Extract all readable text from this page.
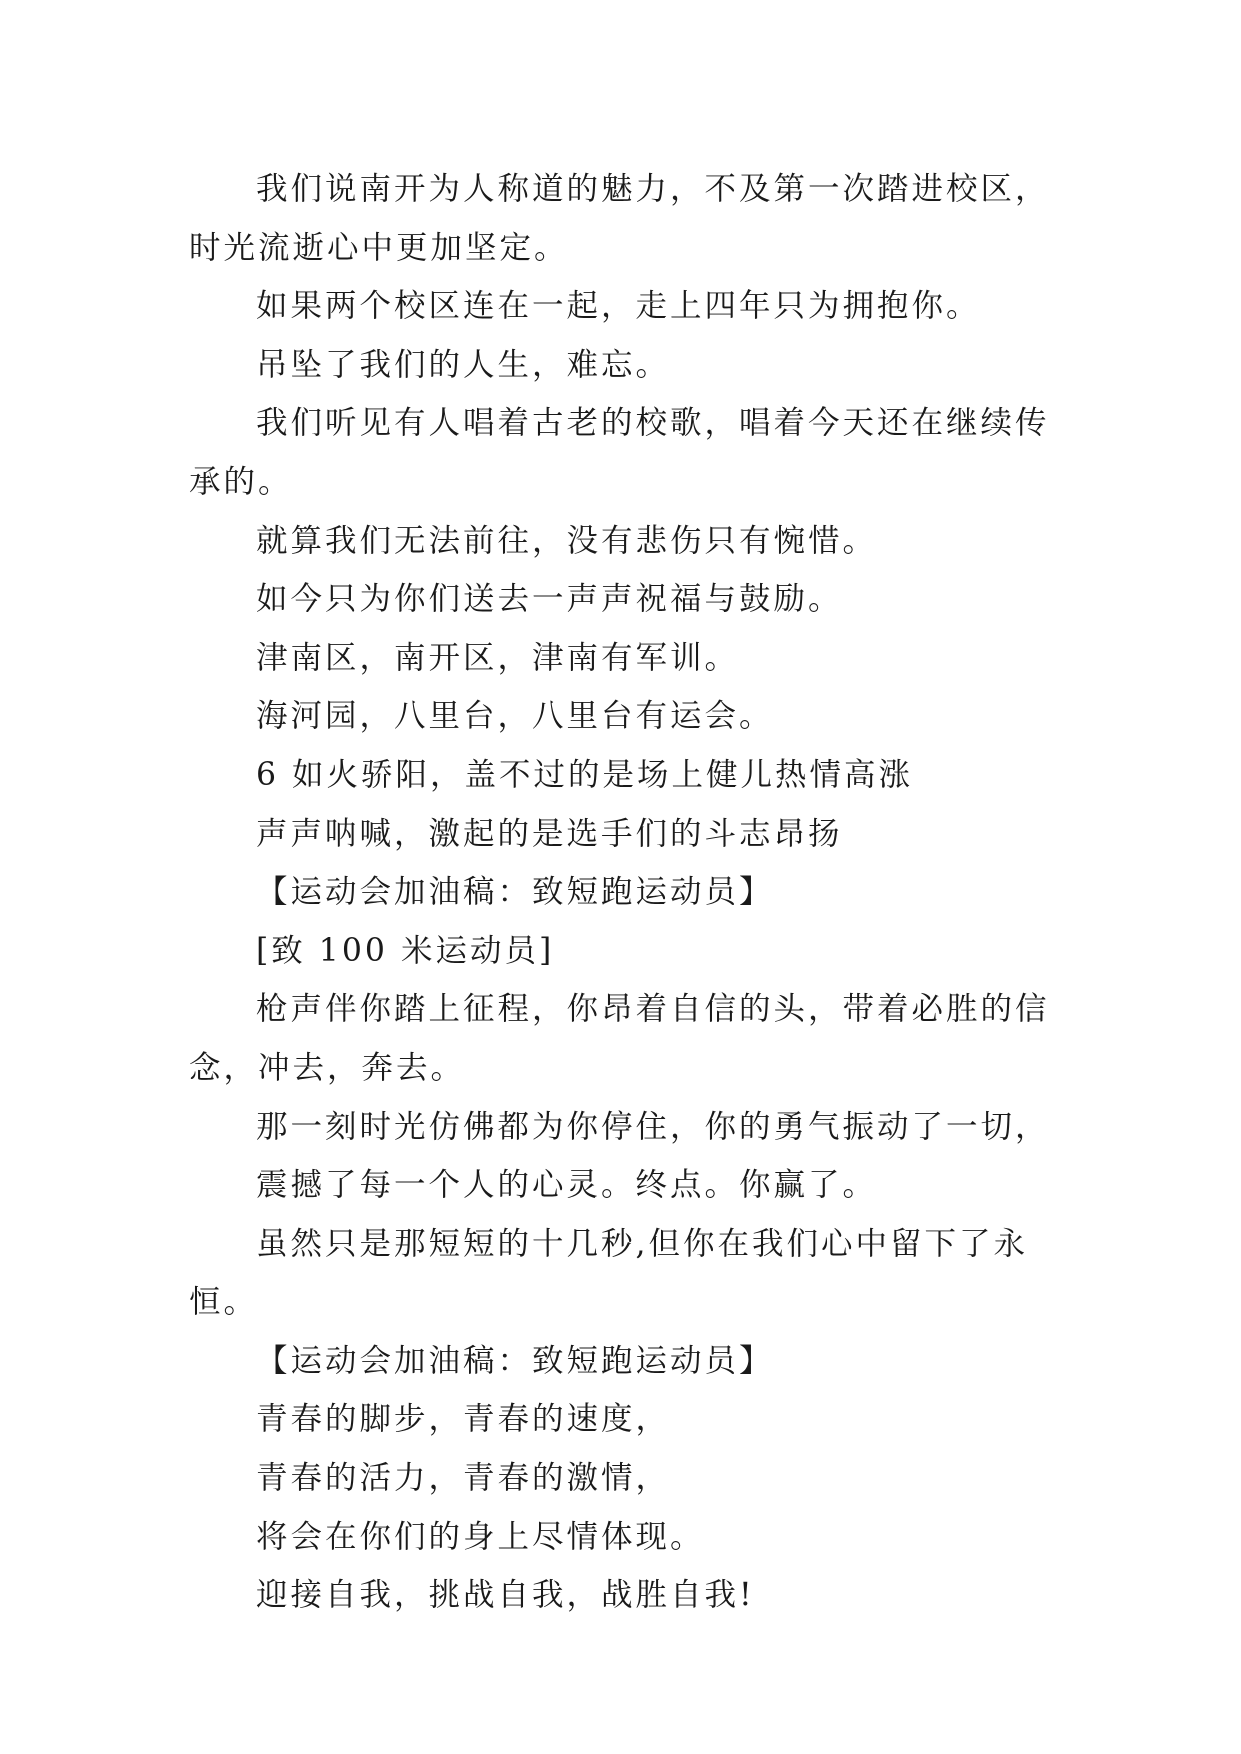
我们说南开为人称道的魅力，不及第一次踏进校区，时光流逝心中更加坚定。

如果两个校区连在一起，走上四年只为拥抱你。

吊坠了我们的人生，难忘。

我们听见有人唱着古老的校歌，唱着今天还在继续传承的。

就算我们无法前往，没有悲伤只有惋惜。

如今只为你们送去一声声祝福与鼓励。

津南区，南开区，津南有军训。

海河园，八里台，八里台有运会。

6 如火骄阳，盖不过的是场上健儿热情高涨

声声呐喊，激起的是选手们的斗志昂扬

【运动会加油稿：致短跑运动员】

[致 100 米运动员]

枪声伴你踏上征程，你昂着自信的头，带着必胜的信念，冲去，奔去。

那一刻时光仿佛都为你停住，你的勇气振动了一切，

震撼了每一个人的心灵。终点。你赢了。

虽然只是那短短的十几秒,但你在我们心中留下了永恒。

【运动会加油稿：致短跑运动员】

青春的脚步，青春的速度，

青春的活力，青春的激情，

将会在你们的身上尽情体现。

迎接自我，挑战自我，战胜自我!
